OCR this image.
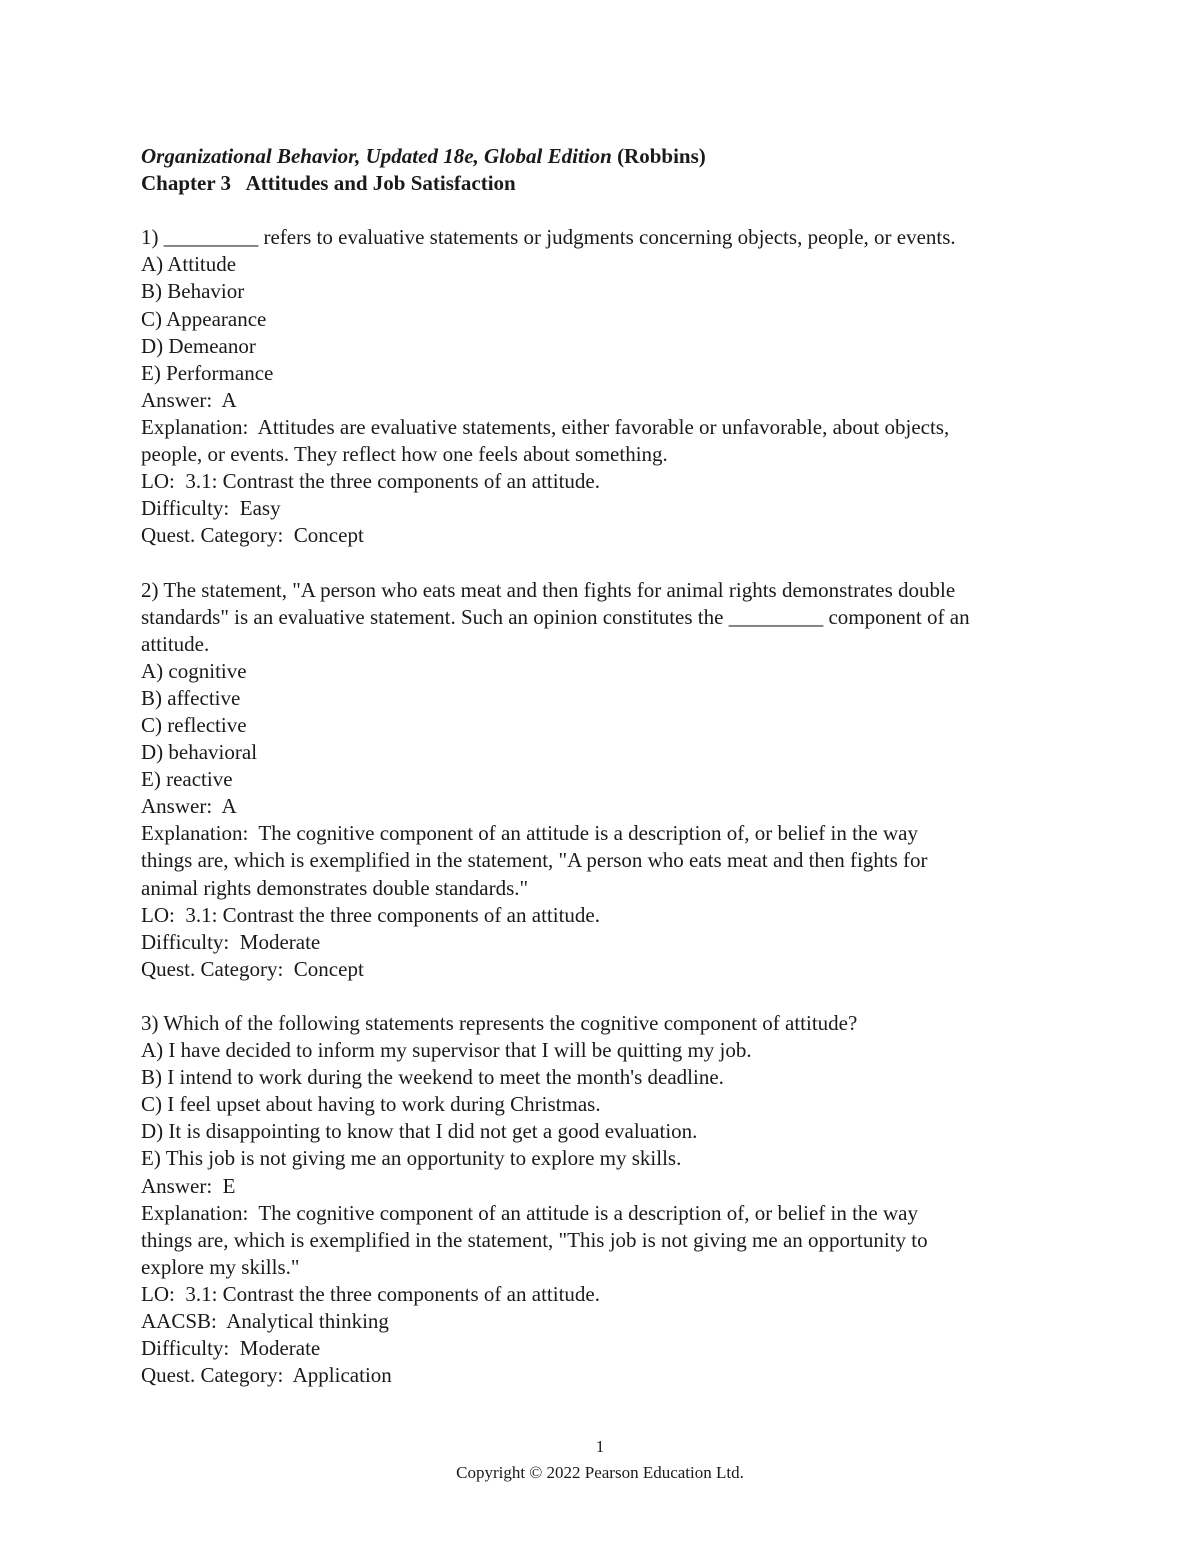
Organizational Behavior, Updated 18e, Global Edition (Robbins)
Chapter 3   Attitudes and Job Satisfaction
1) _________ refers to evaluative statements or judgments concerning objects, people, or events.
A) Attitude
B) Behavior
C) Appearance
D) Demeanor
E) Performance
Answer:  A
Explanation:  Attitudes are evaluative statements, either favorable or unfavorable, about objects,
people, or events. They reflect how one feels about something.
LO:  3.1: Contrast the three components of an attitude.
Difficulty:  Easy
Quest. Category:  Concept
2) The statement, "A person who eats meat and then fights for animal rights demonstrates double
standards" is an evaluative statement. Such an opinion constitutes the _________ component of an
attitude.
A) cognitive
B) affective
C) reflective
D) behavioral
E) reactive
Answer:  A
Explanation:  The cognitive component of an attitude is a description of, or belief in the way
things are, which is exemplified in the statement, "A person who eats meat and then fights for
animal rights demonstrates double standards."
LO:  3.1: Contrast the three components of an attitude.
Difficulty:  Moderate
Quest. Category:  Concept
3) Which of the following statements represents the cognitive component of attitude?
A) I have decided to inform my supervisor that I will be quitting my job.
B) I intend to work during the weekend to meet the month's deadline.
C) I feel upset about having to work during Christmas.
D) It is disappointing to know that I did not get a good evaluation.
E) This job is not giving me an opportunity to explore my skills.
Answer:  E
Explanation:  The cognitive component of an attitude is a description of, or belief in the way
things are, which is exemplified in the statement, "This job is not giving me an opportunity to
explore my skills."
LO:  3.1: Contrast the three components of an attitude.
AACSB:  Analytical thinking
Difficulty:  Moderate
Quest. Category:  Application
1
Copyright © 2022 Pearson Education Ltd.
